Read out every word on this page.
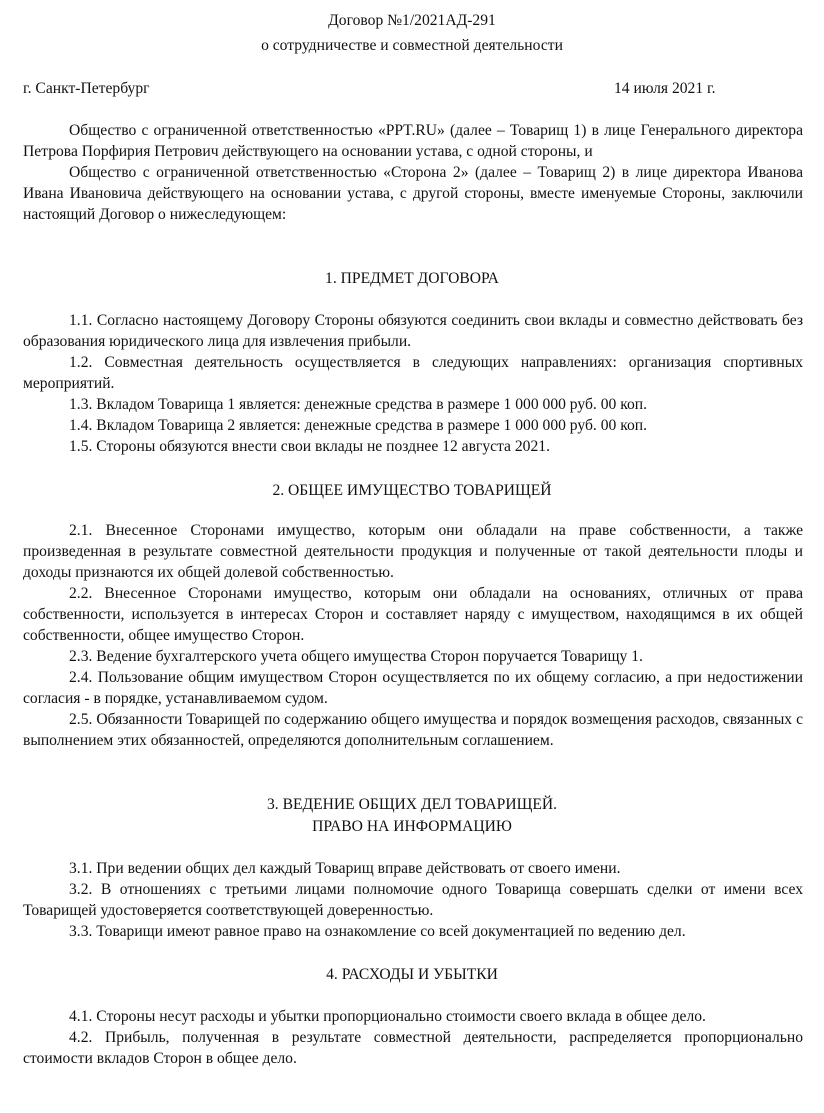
Договор №1/2021АД-291
о сотрудничестве и совместной деятельности
г. Санкт-Петербург	14 июля 2021 г.

Общество с ограниченной ответственностью «PPT.RU» (далее – Товарищ 1) в лице Генерального директора Петрова Порфирия Петрович действующего на основании устава, с одной стороны, и

Общество с ограниченной ответственностью «Сторона 2» (далее – Товарищ 2) в лице директора Иванова Ивана Ивановича действующего на основании устава, с другой стороны, вместе именуемые Стороны, заключили настоящий Договор о нижеследующем:

1. ПРЕДМЕТ ДОГОВОРА

1.1. Согласно настоящему Договору Стороны обязуются соединить свои вклады и совместно действовать без образования юридического лица для извлечения прибыли.

1.2. Совместная деятельность осуществляется в следующих направлениях: организация спортивных мероприятий.

1.3. Вкладом Товарища 1 является: денежные средства в размере 1 000 000 руб. 00 коп.

1.4. Вкладом Товарища 2 является: денежные средства в размере 1 000 000 руб. 00 коп.

1.5. Стороны обязуются внести свои вклады не позднее 12 августа 2021.

2. ОБЩЕЕ ИМУЩЕСТВО ТОВАРИЩЕЙ

2.1. Внесенное Сторонами имущество, которым они обладали на праве собственности, а также произведенная в результате совместной деятельности продукция и полученные от такой деятельности плоды и доходы признаются их общей долевой собственностью.

2.2. Внесенное Сторонами имущество, которым они обладали на основаниях, отличных от права собственности, используется в интересах Сторон и составляет наряду с имуществом, находящимся в их общей собственности, общее имущество Сторон.

2.3. Ведение бухгалтерского учета общего имущества Сторон поручается Товарищу 1.

2.4. Пользование общим имуществом Сторон осуществляется по их общему согласию, а при недостижении согласия - в порядке, устанавливаемом судом.

2.5. Обязанности Товарищей по содержанию общего имущества и порядок возмещения расходов, связанных с выполнением этих обязанностей, определяются дополнительным соглашением.

3. ВЕДЕНИЕ ОБЩИХ ДЕЛ ТОВАРИЩЕЙ.
ПРАВО НА ИНФОРМАЦИЮ

3.1. При ведении общих дел каждый Товарищ вправе действовать от своего имени.

3.2. В отношениях с третьими лицами полномочие одного Товарища совершать сделки от имени всех Товарищей удостоверяется соответствующей доверенностью.

3.3. Товарищи имеют равное право на ознакомление со всей документацией по ведению дел.

4. РАСХОДЫ И УБЫТКИ

4.1. Стороны несут расходы и убытки пропорционально стоимости своего вклада в общее дело.

4.2. Прибыль, полученная в результате совместной деятельности, распределяется пропорционально стоимости вкладов Сторон в общее дело.
